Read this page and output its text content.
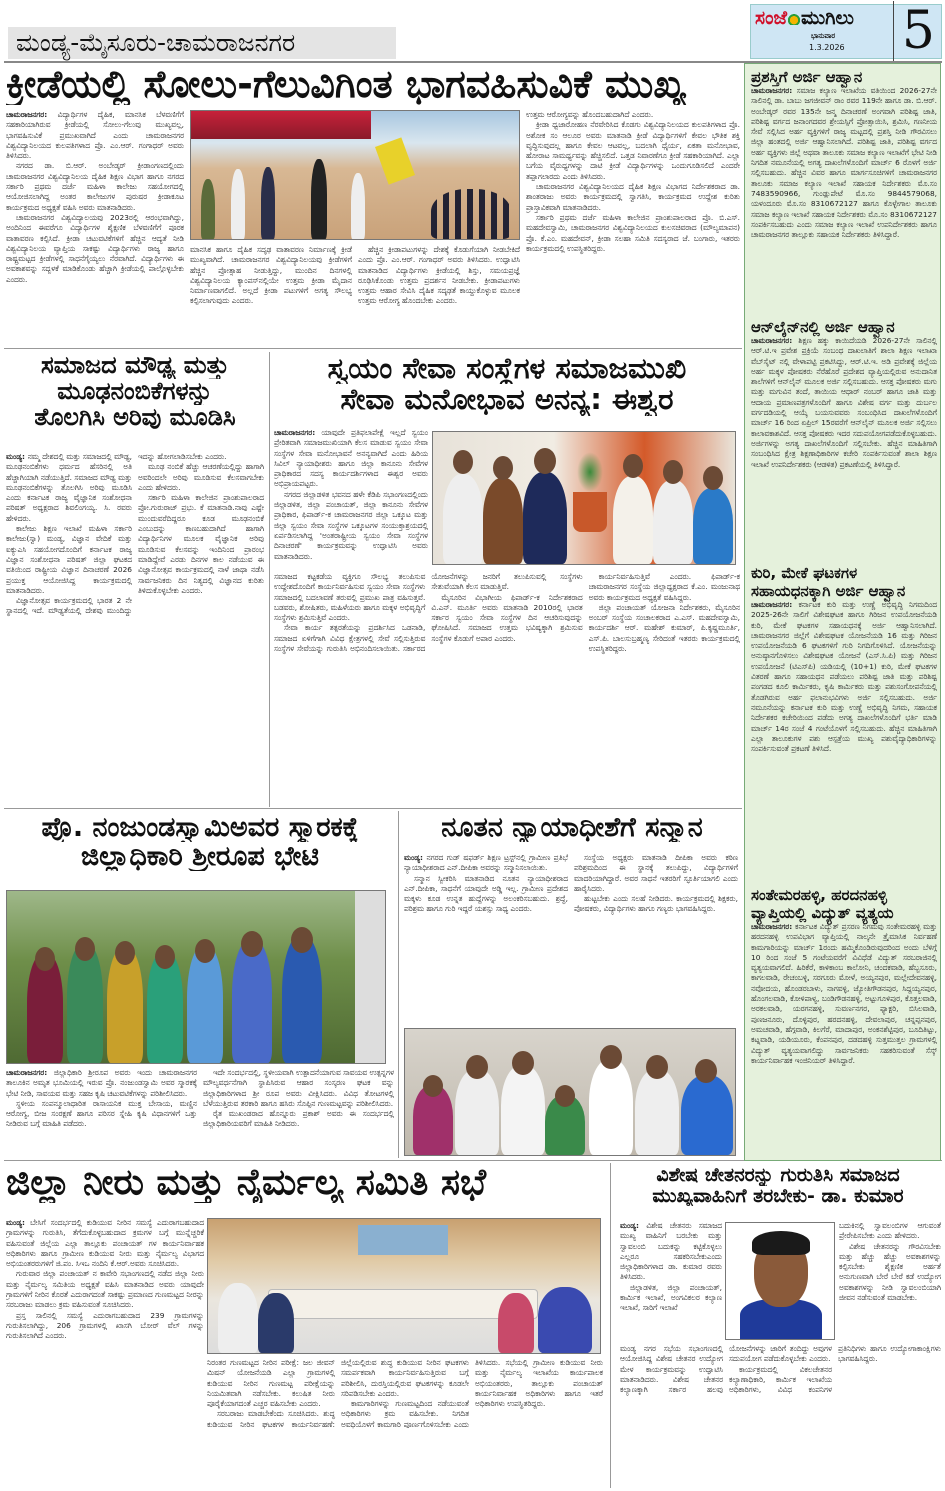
ಮಂಡ್ಯ-ಮೈಸೂರು-ಚಾಮರಾಜನಗರ
ಸಂಜೆ ಮುಗಿಲು
ಭಾನುವಾರ
1.3.2026 5
ಕ್ರೀಡೆಯಲ್ಲಿ ಸೋಲು-ಗೆಲುವಿಗಿಂತ ಭಾಗವಹಿಸುವಿಕೆ ಮುಖ್ಯ

ಚಾಮರಾಜನಗರ: ವಿದ್ಯಾರ್ಥಿಗಳ ದೈಹಿಕ, ಮಾನಸಿಕ ಬೆಳವಣಿಗೆಗೆ ಸಹಕಾರಿಯಾಗಿರುವ ಕ್ರೀಡೆಯಲ್ಲಿ ಸೋಲು-ಗೆಲುವು ಮುಖ್ಯವಲ್ಲ, ಭಾಗವಹಿಸುವಿಕೆ ಪ್ರಮುಖವಾಗಿದೆ ಎಂದು ಚಾಮರಾಜನಗರ ವಿಶ್ವವಿದ್ಯಾನಿಲಯದ ಕುಲಪತಿಗಳಾದ ಪ್ರೊ. ಎಂ.ಆರ್. ಗಂಗಾಧರ್ ಅವರು ತಿಳಿಸಿದರು.

ನಗರದ ಡಾ. ಬಿ.ಆರ್. ಅಂಬೇಡ್ಕರ್ ಕ್ರೀಡಾಂಗಣದಲ್ಲಿಂದು ಚಾಮರಾಜನಗರ ವಿಶ್ವವಿದ್ಯಾನಿಲಯ ದೈಹಿಕ ಶಿಕ್ಷಣ ವಿಭಾಗ ಹಾಗೂ ನಗರದ ಸರ್ಕಾರಿ ಪ್ರಥಮ ದರ್ಜೆ ಮಹಿಳಾ ಕಾಲೇಜು ಸಹಯೋಗದಲ್ಲಿ ಆಯೋಜಿಸಲಾಗಿದ್ದ ಅಂತರ ಕಾಲೇಜುಗಳ ಪುರುಷರ ಕ್ರೀಡಾಕೂಟ ಕಾರ್ಯಕ್ರಮದ ಅಧ್ಯಕ್ಷತೆ ವಹಿಸಿ ಅವರು ಮಾತನಾಡಿದರು.

ಚಾಮರಾಜನಗರ ವಿಶ್ವವಿದ್ಯಾಲಯವು 2023ರಲ್ಲಿ ಆರಂಭವಾಗಿದ್ದು, ಅಂದಿನಿಂದ ಈವರೆಗೂ ವಿದ್ಯಾರ್ಥಿಗಳ ಶೈಕ್ಷಣಿಕ ಬೆಳವಣಿಗೆಗೆ ಪೂರಕ ವಾತಾವರಣ ಕಲ್ಪಿಸಿದೆ. ಕ್ರೀಡಾ ಚಟುವಟಿಕೆಗಳಿಗೆ ಹೆಚ್ಚಿನ ಆದ್ಯತೆ ನೀಡಿ ವಿಶ್ವವಿದ್ಯಾನಿಲಯ ವ್ಯಾಪ್ತಿಯ ಸಾಕಷ್ಟು ವಿದ್ಯಾರ್ಥಿಗಳು ರಾಜ್ಯ ಹಾಗೂ ರಾಷ್ಟ್ರಮಟ್ಟದ ಕ್ರೀಡೆಗಳಲ್ಲಿ ಸಾಧನೆಗೈಯ್ಯಲು ನೆರವಾಗಿದೆ. ವಿದ್ಯಾರ್ಥಿಗಳು ಈ ಅವಕಾಶವನ್ನು ಸದ್ಬಳಕೆ ಮಾಡಿಕೊಂಡು ಹೆಚ್ಚಾಗಿ ಕ್ರೀಡೆಯಲ್ಲಿ ಪಾಲ್ಗೊಳ್ಳಬೇಕು ಎಂದರು.

ಮಾನಸಿಕ ಹಾಗೂ ದೈಹಿಕ ಸದೃಢ ವಾತಾವರಣ ನಿರ್ಮಾಣಕ್ಕೆ ಕ್ರೀಡೆ ಮುಖ್ಯವಾಗಿದೆ. ಚಾಮರಾಜನಗರ ವಿಶ್ವವಿದ್ಯಾನಿಲಯವು ಕ್ರೀಡೆಗಳಿಗೆ ಹೆಚ್ಚಿನ ಪ್ರೋತ್ಸಾಹ ನೀಡುತ್ತಿದ್ದು, ಮುಂದಿನ ದಿನಗಳಲ್ಲಿ ವಿಶ್ವವಿದ್ಯಾನಿಲಯ ಕ್ಯಾಂಪಸ್‌ನಲ್ಲಿಯೇ ಉತ್ತಮ ಕ್ರೀಡಾ ಮೈದಾನ ನಿರ್ಮಾಣವಾಗಲಿದೆ. ಅಲ್ಲದೆ ಕ್ರೀಡಾ ಪಟುಗಳಿಗೆ ಅಗತ್ಯ ಸೌಲಭ್ಯ ಕಲ್ಪಿಸಲಾಗುವುದು ಎಂದರು.

ಹೆಚ್ಚಿನ ಕ್ರೀಡಾಪಟುಗಳನ್ನು ದೇಶಕ್ಕೆ ಕೊಡುಗೆಯಾಗಿ ನೀಡಬೇಕಿದೆ ಎಂದು ಪ್ರೊ. ಎಂ.ಆರ್. ಗಂಗಾಧರ್ ಅವರು ತಿಳಿಸಿದರು. ಉದ್ಘಾಟಿಸಿ ಮಾತನಾಡಿದ ವಿದ್ಯಾರ್ಥಿಗಳು ಕ್ರೀಡೆಯಲ್ಲಿ ಶಿಸ್ತು, ಸಮಯಪ್ರಜ್ಞೆ ರೂಢಿಸಿಕೊಂಡು ಉತ್ತಮ ಪ್ರದರ್ಶನ ನೀಡಬೇಕು. ಕ್ರೀಡಾಪಟುಗಳು ಉತ್ತಮ ಆಹಾರ ಸೇವಿಸಿ ದೈಹಿಕ ಸದೃಢತೆ ಕಾಯ್ದುಕೊಳ್ಳುವ ಮೂಲಕ ಉತ್ತಮ ಆರೋಗ್ಯ ಹೊಂದಬೇಕು ಎಂದರು.

ಉತ್ತಮ ಆರೋಗ್ಯವನ್ನು ಹೊಂದಬಹುದಾಗಿದೆ ಎಂದರು.

ಕ್ರೀಡಾ ಧ್ವಜಾರೋಹಣ ನೆರವೇರಿಸಿದ ಕೊಡಗು ವಿಶ್ವವಿದ್ಯಾನಿಲಯದ ಕುಲಪತಿಗಳಾದ ಪ್ರೊ. ಅಶೋಕ ಸಂ ಆಲೂರ ಅವರು ಮಾತನಾಡಿ ಕ್ರೀಡೆ ವಿದ್ಯಾರ್ಥಿಗಳಿಗೆ ಕೇವಲ ಭೌತಿಕ ಶಕ್ತಿ ವೃದ್ಧಿಸುವುದಲ್ಲ ಹಾಗೂ ಕೇವಲ ಆಟವಲ್ಲ, ಬದಲಾಗಿ ಧೈರ್ಯ, ಏಕತಾ ಮನೋಭಾವ, ಹೋರಾಟ ಸಾಮರ್ಥ್ಯವನ್ನು ಹೆಚ್ಚಿಸಲಿದೆ. ಒತ್ತಡ ನಿವಾರಣೆಗೂ ಕ್ರೀಡೆ ಸಹಕಾರಿಯಾಗಿದೆ. ಎಲ್ಲಾ ಬಗೆಯ ವೈರುಧ್ಯಗಳನ್ನು ದಾಟಿ ಕ್ರೀಡೆ ವಿದ್ಯಾರ್ಥಿಗಳನ್ನು ಒಂದುಗೂಡಿಸಲಿದೆ ಎಂದರೇ ತಪ್ಪಾಗಲಾರದು ಎಂದು ತಿಳಿಸಿದರು.

ಚಾಮರಾಜನಗರ ವಿಶ್ವವಿದ್ಯಾನಿಲಯದ ದೈಹಿಕ ಶಿಕ್ಷಣ ವಿಭಾಗದ ನಿರ್ದೇಶಕರಾದ ಡಾ. ಶಾಂತರಾಜು ಅವರು ಕಾರ್ಯಕ್ರಮದಲ್ಲಿ ಸ್ವಾಗತಿಸಿ, ಕಾರ್ಯಕ್ರಮದ ಉದ್ದೇಶ ಕುರಿತು ಪ್ರಾಸ್ತಾವಿಕವಾಗಿ ಮಾತನಾಡಿದರು.

ಸರ್ಕಾರಿ ಪ್ರಥಮ ದರ್ಜೆ ಮಹಿಳಾ ಕಾಲೇಜಿನ ಪ್ರಾಂಶುಪಾಲರಾದ ಪ್ರೊ. ಬಿ.ಎಸ್. ಮಹದೇವಸ್ವಾಮಿ, ಚಾಮರಾಜನಗರ ವಿಶ್ವವಿದ್ಯಾನಿಲಯದ ಕುಲಸಚಿವರಾದ (ಮೌಲ್ಯಮಾಪನ) ಪ್ರೊ. ಕೆ.ಎಂ. ಮಹದೇವನ್, ಕ್ರೀಡಾ ಸಲಹಾ ಸಮಿತಿ ಸದಸ್ಯರಾದ ಜೆ. ಬಂಗಾರು, ಇತರರು ಕಾರ್ಯಕ್ರಮದಲ್ಲಿ ಉಪಸ್ಥಿತರಿದ್ದರು.

ಸಮಾಜದ ಮೌಢ್ಯ ಮತ್ತು
ಮೂಢನಂಬಿಕೆಗಳನ್ನು
ತೊಲಗಿಸಿ ಅರಿವು ಮೂಡಿಸಿ

ಮಂಡ್ಯ: ನಮ್ಮ ದೇಶದಲ್ಲಿ ಮತ್ತು ಸಮಾಜದಲ್ಲಿ ಮೌಢ್ಯ, ಮೂಢನಂಬಿಕೆಗಳು ಧರ್ಮದ ಹೆಸರಿನಲ್ಲಿ ಅತಿ ಹೆಚ್ಚಾಗಿಯಾಗಿ ನಡೆಯುತ್ತಿದೆ. ಸಮಾಜದ ಮೌಢ್ಯ ಮತ್ತು ಮೂಢನಂಬಿಕೆಗಳನ್ನು ತೊಲಗಿಸಿ ಅರಿವು ಮೂಡಿಸಿ ಎಂದು ಕರ್ನಾಟಕ ರಾಜ್ಯ ವೈಜ್ಞಾನಿಕ ಸಂಶೋಧನಾ ಪರಿಷತ್ ಅಧ್ಯಕ್ಷರಾದ ಶಿವಲಿಂಗಯ್ಯ. ಸಿ. ರವರು ಹೇಳಿದರು.

ಕಾಲೇಜು ಶಿಕ್ಷಣ ಇಲಾಖೆ ಮಹಿಳಾ ಸರ್ಕಾರಿ ಕಾಲೇಜು(ಸ್ವಾ) ಮಂಡ್ಯ, ವಿಜ್ಞಾನ ವೇದಿಕೆ ಮತ್ತು ಐಕ್ಯುಎಸಿ ಸಹಯೋಗದೊಂದಿಗೆ ಕರ್ನಾಟಕ ರಾಜ್ಯ ವಿಜ್ಞಾನ ಸಂಶೋಧನಾ ಪರಿಷತ್ ಜಿಲ್ಲಾ ಘಟಕದ ವತಿಯಿಂದ ರಾಷ್ಟ್ರೀಯ ವಿಜ್ಞಾನ ದಿನಾಚರಣೆ 2026 ಪ್ರಯುಕ್ತ ಆಯೋಜಿಸಿದ್ದ ಕಾರ್ಯಕ್ರಮದಲ್ಲಿ ಮಾತನಾಡಿದರು.

ವಿಜ್ಞಾನೋತ್ಸವ ಕಾರ್ಯಕ್ರಮದಲ್ಲಿ ಭಾರತ 2 ನೇ ಸ್ಥಾನದಲ್ಲಿ ಇದೆ. ಮೌಢ್ಯತೆಯಲ್ಲಿ ದೇಶವು ಮುಂದಿದ್ದು ಇದನ್ನು ಹೋಗಲಾಡಿಸಬೇಕು ಎಂದರು.

ಮೂಢ ನಂಬಿಕೆ ಹೆಚ್ಚು ಆಚರಣೆಯಲ್ಲಿದ್ದು ಹಾಗಾಗಿ ಅವರಿಂದಲೇ ಅರಿವು ಮೂಡಿಸುವ ಕೆಲಸವಾಗಬೇಕು ಎಂದು ಹೇಳಿದರು.

ಸರ್ಕಾರಿ ಮಹಿಳಾ ಕಾಲೇಜಿನ ಪ್ರಾಂಶುಪಾಲರಾದ ಪ್ರೋ.ಗುರುರಾಜ್ ಪ್ರಭು. ಕೆ ಮಾತನಾಡಿ.ನಾವು ಎಷ್ಟೇ ಮುಂದುವರೆದಿದ್ದರೂ ಕೂಡ ಮೂಢನಂಬಿಕೆ ಎಂಬುದನ್ನು ಕಾಣಬಹುದಾಗಿದೆ ಹಾಗಾಗಿ ವಿದ್ಯಾರ್ಥಿನಿಗಳ ಮೂಲಕ ವೈಜ್ಞಾನಿಕ ಅರಿವು ಮೂಡಿಸುವ ಕೆಲಸವನ್ನು ಇಂದಿನಿಂದ ಪ್ರಾರಂಭ ಮಾಡಿದ್ದೇವೆ ಎರಡು ದಿನಗಳ ಕಾಲ ನಡೆಯುವ ಈ ವಿಜ್ಞಾನೋತ್ಸವ ಕಾರ್ಯಕ್ರಮದಲ್ಲಿ ನಾಳೆ ಜಾಥಾ ನಡೆಸಿ ಸಾರ್ವಜನಿಕರು ದಿನ ನಿತ್ಯದಲ್ಲಿ ವಿಜ್ಞಾನದ ಕುರಿತು ತಿಳಿದುಕೊಳ್ಳಬೇಕು ಎಂದರು.

ಸ್ವಯಂ ಸೇವಾ ಸಂಸ್ಥೆಗಳ ಸಮಾಜಮುಖಿ
ಸೇವಾ ಮನೋಭಾವ ಅನನ್ಯ: ಈಶ್ವರ

ಚಾಮರಾಜನಗರ: ಯಾವುದೇ ಪ್ರತಿಫಲಾಪೇಕ್ಷೆ ಇಲ್ಲದೆ ಸ್ವಯಂ ಪ್ರೇರಿತವಾಗಿ ಸಮಾಜಮುಖಿಯಾಗಿ ಕೆಲಸ ಮಾಡುವ ಸ್ವಯಂ ಸೇವಾ ಸಂಸ್ಥೆಗಳ ಸೇವಾ ಮನೋಭಾವನೆ ಅನನ್ಯವಾಗಿದೆ ಎಂದು ಹಿರಿಯ ಸಿವಿಲ್ ನ್ಯಾಯಾಧೀಶರು ಹಾಗೂ ಜಿಲ್ಲಾ ಕಾನೂನು ಸೇವೆಗಳ ಪ್ರಾಧಿಕಾರದ ಸದಸ್ಯ ಕಾರ್ಯದರ್ಶಿಗಳಾದ ಈಶ್ವರ ಅವರು ಅಭಿಪ್ರಾಯಪಟ್ಟರು.

ನಗರದ ಜಿಲ್ಲಾಡಳಿತ ಭವನದ ಹಳೇ ಕೆಡಿಪಿ ಸಭಾಂಗಣದಲ್ಲಿಂದು ಜಿಲ್ಲಾಡಳಿತ, ಜಿಲ್ಲಾ ಪಂಚಾಯತ್, ಜಿಲ್ಲಾ ಕಾನೂನು ಸೇವೆಗಳ ಪ್ರಾಧಿಕಾರ, ಫಿಪಾರ್ಡ್-ಕ ಚಾಮರಾಜನಗರ ಜಿಲ್ಲಾ ಒಕ್ಕೂಟ ಮತ್ತು ಜಿಲ್ಲಾ ಸ್ವಯಂ ಸೇವಾ ಸಂಸ್ಥೆಗಳ ಒಕ್ಕೂಟಗಳ ಸಂಯುಕ್ತಾಶ್ರಯದಲ್ಲಿ ಏರ್ಪಡಿಸಲಾಗಿದ್ದ 'ಅಂತರಾಷ್ಟ್ರೀಯ ಸ್ವಯಂ ಸೇವಾ ಸಂಸ್ಥೆಗಳ ದಿನಾಚರಣೆ' ಕಾರ್ಯಕ್ರಮವನ್ನು ಉದ್ಘಾಟಿಸಿ ಅವರು ಮಾತನಾಡಿದರು.

ಸಮಾಜದ ಕಟ್ಟಕಡೆಯ ವ್ಯಕ್ತಿಗೂ ಸೌಲಭ್ಯ ತಲುಪಿಸುವ ಉದ್ದೇಶದೊಂದಿಗೆ ಕಾರ್ಯನಿರ್ವಹಿಸುವ ಸ್ವಯಂ ಸೇವಾ ಸಂಸ್ಥೆಗಳು ಸಮಾಜದಲ್ಲಿ ಬದಲಾವಣೆ ತರುವಲ್ಲಿ ಪ್ರಮುಖ ಪಾತ್ರ ವಹಿಸುತ್ತವೆ. ಬಡವರು, ಶೋಷಿತರು, ಮಹಿಳೆಯರು ಹಾಗೂ ಮಕ್ಕಳ ಅಭಿವೃದ್ಧಿಗೆ ಸಂಸ್ಥೆಗಳು ಶ್ರಮಿಸುತ್ತಿವೆ ಎಂದರು.

ಸೇವಾ ಕಾರ್ಯ ತತ್ಪರತೆಯನ್ನು ಪ್ರದರ್ಶಿಸಿದ ಒಡನಾಡಿ, ಸಮಾಜದ ಏಳಿಗೆಗಾಗಿ ವಿವಿಧ ಕ್ಷೇತ್ರಗಳಲ್ಲಿ ಸೇವೆ ಸಲ್ಲಿಸುತ್ತಿರುವ ಸಂಸ್ಥೆಗಳ ಸೇವೆಯನ್ನು ಗುರುತಿಸಿ ಅಭಿನಂದಿಸಲಾಯಿತು. ಸರ್ಕಾರದ ಯೋಜನೆಗಳನ್ನು ಜನರಿಗೆ ತಲುಪಿಸುವಲ್ಲಿ ಸಂಸ್ಥೆಗಳು ಸೇತುವೆಯಾಗಿ ಕೆಲಸ ಮಾಡುತ್ತಿವೆ.

ಮೈಸೂರಿನ ವಿಭಾಗೀಯ ಫಿಪಾರ್ಡ್-ಕ ನಿರ್ದೇಶಕರಾದ ವಿ.ಎನ್. ಮೂರ್ತಿ ಅವರು ಮಾತನಾಡಿ 2010ರಲ್ಲಿ ಭಾರತ ಸರ್ಕಾರ ಸ್ವಯಂ ಸೇವಾ ಸಂಸ್ಥೆಗಳ ದಿನ ಆಚರಿಸುವುದನ್ನು ಘೋಷಿಸಿದೆ. ಸಮಾಜದ ಉತ್ತಮ ಭವಿಷ್ಯಕ್ಕಾಗಿ ಶ್ರಮಿಸುವ ಸಂಸ್ಥೆಗಳ ಕೊಡುಗೆ ಅಪಾರ ಎಂದರು.

ಕಾರ್ಯನಿರ್ವಹಿಸುತ್ತಿವೆ ಎಂದರು. ಫಿಪಾರ್ಡ್-ಕ ಚಾಮರಾಜನಗರ ಸಂಸ್ಥೆಯ ಜಿಲ್ಲಾಧ್ಯಕ್ಷರಾದ ಕೆ.ಎಂ. ಮಂಜುನಾಥ ಅವರು ಕಾರ್ಯಕ್ರಮದ ಅಧ್ಯಕ್ಷತೆ ವಹಿಸಿದ್ದರು.

ಜಿಲ್ಲಾ ಪಂಚಾಯತ್ ಯೋಜನಾ ನಿರ್ದೇಶಕರು, ಮೈಸೂರಿನ ಅಂಬರ್ ಸಂಸ್ಥೆಯ ಸಂಚಾಲಕರಾದ ಎ.ಎಸ್. ಮಹದೇವಸ್ವಾಮಿ, ಕಾರ್ಯದರ್ಶಿ ಆರ್. ಮಹೇಶ್ ಕುಮಾರ್, ಪಿ.ಕೃಷ್ಣಮೂರ್ತಿ, ಎಸ್.ಪಿ. ಬಾಲಸುಬ್ರಹ್ಮಣ್ಯ ಸೇರಿದಂತೆ ಇತರರು ಕಾರ್ಯಕ್ರಮದಲ್ಲಿ ಉಪಸ್ಥಿತರಿದ್ದರು.

ಪ್ರೊ. ನಂಜುಂಡಸ್ವಾಮಿಅವರ ಸ್ಮಾರಕಕ್ಕೆ
ಜಿಲ್ಲಾಧಿಕಾರಿ ಶ್ರೀರೂಪ ಭೇಟಿ

ಚಾಮರಾಜನಗರ: ಜಿಲ್ಲಾಧಿಕಾರಿ ಶ್ರೀರೂಪ ಅವರು ಇಂದು ಚಾಮರಾಜನಗರ ತಾಲೂಕಿನ ಅಮೃತ ಭೂಮಿಯಲ್ಲಿ ಇರುವ ಪ್ರೊ. ನಂಜುಂಡಸ್ವಾಮಿ ಅವರ ಸ್ಮಾರಕಕ್ಕೆ ಭೇಟಿ ನೀಡಿ, ಸಾವಯವ ಮತ್ತು ಸಹಜ ಕೃಷಿ ಚಟುವಟಿಕೆಗಳನ್ನು ಪರಿಶೀಲಿಸಿದರು.

ಸ್ಥಳೀಯ ಸಂಪನ್ಮೂಲಾಧಾರಿತ ರಾಸಾಯನಿಕ ಮುಕ್ತ ಬೇಸಾಯ, ಮಣ್ಣಿನ ಆರೋಗ್ಯ, ಬೀಜ ಸಂರಕ್ಷಣೆ ಹಾಗೂ ಪರಿಸರ ಸ್ನೇಹಿ ಕೃಷಿ ವಿಧಾನಗಳಿಗೆ ಒತ್ತು ನೀಡಿರುವ ಬಗ್ಗೆ ಮಾಹಿತಿ ಪಡೆದರು.

ಇದೇ ಸಂದರ್ಭದಲ್ಲಿ, ಸ್ಥಳೀಯವಾಗಿ ಉತ್ಪಾದನೆಯಾಗುವ ಸಾವಯವ ಉತ್ಪನ್ನಗಳ ಮೌಲ್ಯವರ್ಧನೆಗಾಗಿ ಸ್ಥಾಪಿಸಿರುವ ಆಹಾರ ಸಂಸ್ಕರಣ ಘಟಕ ವನ್ನು ಜಿಲ್ಲಾಧಿಕಾರಿಗಳಾದ ಶ್ರೀ ರೂಪ ಅವರು ವೀಕ್ಷಿಸಿದರು. ವಿವಿಧ ತೋಟಗಳಲ್ಲಿ ಬೆಳೆಯುತ್ತಿರುವ ತರಕಾರಿ ಹಾಗೂ ಹಸಿರು ಸೊಪ್ಪಿನ ಗುಣಮಟ್ಟವನ್ನು ಪರಿಶೀಲಿಸಿದರು.

ರೈತ ಮುಖಂಡರಾದ ಹೊನ್ನೂರು ಪ್ರಕಾಶ್ ಅವರು ಈ ಸಂದರ್ಭದಲ್ಲಿ ಜಿಲ್ಲಾಧಿಕಾರಿಯವರಿಗೆ ಮಾಹಿತಿ ನೀಡಿದರು.

ನೂತನ ನ್ಯಾಯಾಧೀಶೆಗೆ ಸನ್ಮಾನ

ಮಂಡ್ಯ: ನಗರದ ಗುಡ್ ಷಫರ್ಡ್ ಶಿಕ್ಷಣ ಟ್ರಸ್ಟ್‌ನಲ್ಲಿ ಗ್ರಾಮೀಣ ಪ್ರತಿಭೆ ನ್ಯಾಯಾಧೀಶರಾದ ಎನ್.ದೀಪಿಕಾ ಅವರನ್ನು ಸನ್ಮಾನಿಸಲಾಯಿತು.

ಸನ್ಮಾನ ಸ್ವೀಕರಿಸಿ ಮಾತನಾಡಿದ ನೂತನ ನ್ಯಾಯಾಧೀಶರಾದ ಎನ್.ದೀಪಿಕಾ, ಸಾಧನೆಗೆ ಯಾವುದೇ ಅಡ್ಡಿ ಇಲ್ಲ. ಗ್ರಾಮೀಣ ಪ್ರದೇಶದ ಮಕ್ಕಳು ಕೂಡ ಉನ್ನತ ಹುದ್ದೆಗಳನ್ನು ಅಲಂಕರಿಸಬಹುದು. ಶ್ರದ್ಧೆ, ಪರಿಶ್ರಮ ಹಾಗೂ ಗುರಿ ಇದ್ದರೆ ಯಶಸ್ಸು ಸಾಧ್ಯ ಎಂದರು.

ಸಂಸ್ಥೆಯ ಅಧ್ಯಕ್ಷರು ಮಾತನಾಡಿ ದೀಪಿಕಾ ಅವರು ಕಠಿಣ ಪರಿಶ್ರಮದಿಂದ ಈ ಸ್ಥಾನಕ್ಕೆ ತಲುಪಿದ್ದು, ವಿದ್ಯಾರ್ಥಿಗಳಿಗೆ ಮಾದರಿಯಾಗಿದ್ದಾರೆ. ಅವರ ಸಾಧನೆ ಇತರರಿಗೆ ಸ್ಫೂರ್ತಿಯಾಗಲಿ ಎಂದು ಹಾರೈಸಿದರು.

ಹುಟ್ಟಬೇಕು ಎಂದು ಸಲಹೆ ನೀಡಿದರು. ಕಾರ್ಯಕ್ರಮದಲ್ಲಿ ಶಿಕ್ಷಕರು, ಪೋಷಕರು, ವಿದ್ಯಾರ್ಥಿಗಳು ಹಾಗೂ ಗಣ್ಯರು ಭಾಗವಹಿಸಿದ್ದರು.

ಪ್ರಶಸ್ತಿಗೆ ಅರ್ಜಿ ಆಹ್ವಾನ
ಚಾಮರಾಜನಗರ: ಸಮಾಜ ಕಲ್ಯಾಣ ಇಲಾಖೆಯ ವತಿಯಿಂದ 2026-27ನೇ ಸಾಲಿನಲ್ಲಿ ಡಾ. ಬಾಬು ಜಗಜೀವನ್ ರಾಂ ರವರ 119ನೇ ಹಾಗೂ ಡಾ. ಬಿ.ಆರ್. ಅಂಬೇಡ್ಕರ್ ರವರ 135ನೇ ಜನ್ಮ ದಿನಾಚರಣೆ ಅಂಗವಾಗಿ ಪರಿಶಿಷ್ಟ ಜಾತಿ, ಪರಿಶಿಷ್ಟ ವರ್ಗದ ಜನಾಂಗದವರ ಶ್ರೇಯಸ್ಸಿಗೆ ಪ್ರೋತ್ಸಾಯಿಸಿ, ಶ್ರಮಿಸಿ, ಗಣನೀಯ ಸೇವೆ ಸಲ್ಲಿಸಿದ ಅರ್ಹ ವ್ಯಕ್ತಿಗಳಿಗೆ ರಾಜ್ಯ ಮಟ್ಟದಲ್ಲಿ ಪ್ರಶಸ್ತಿ ನೀಡಿ ಗೌರವಿಸಲು ಜಿಲ್ಲಾ ಹಂತದಲ್ಲಿ ಅರ್ಜಿ ಆಹ್ವಾನಿಸಲಾಗಿದೆ. ಪರಿಶಿಷ್ಟ ಜಾತಿ, ಪರಿಶಿಷ್ಟ ವರ್ಗದ ಅರ್ಹ ವ್ಯಕ್ತಿಗಳು ಜಿಲ್ಲೆ ಅಥವಾ ತಾಲೂಕು ಸಮಾಜ ಕಲ್ಯಾಣ ಇಲಾಖೆಗೆ ಭೇಟಿ ನೀಡಿ ನಿಗದಿತ ನಮೂನೆಯಲ್ಲಿ ಅಗತ್ಯ ದಾಖಲೆಗಳೊಂದಿಗೆ ಮಾರ್ಚ್ 6 ರೊಳಗೆ ಅರ್ಜಿ ಸಲ್ಲಿಸಬಹುದು. ಹೆಚ್ಚಿನ ವಿವರ ಹಾಗೂ ಮಾರ್ಗಸೂಚಿಗಳಿಗೆ ಚಾಮರಾಜನಗರ ತಾಲೂಕು ಸಮಾಜ ಕಲ್ಯಾಣ ಇಲಾಖೆ ಸಹಾಯಕ ನಿರ್ದೇಶಕರು ಮೊ.ಸಂ 7483590966, ಗುಂಡ್ಲುಪೇಟೆ ಮೊ.ಸಂ 9844579068, ಯಳಂದೂರು ಮೊ.ಸಂ 8310672127 ಹಾಗೂ ಕೊಳ್ಳೇಗಾಲ ತಾಲೂಕು ಸಮಾಜ ಕಲ್ಯಾಣ ಇಲಾಖೆ ಸಹಾಯಕ ನಿರ್ದೇಶಕರು ಮೊ.ಸಂ 8310672127 ಸಂಪರ್ಕಿಸಬಹುದು ಎಂದು ಸಮಾಜ ಕಲ್ಯಾಣ ಇಲಾಖೆ ಉಪನಿರ್ದೇಶಕರು ಹಾಗೂ ಚಾಮರಾಜನಗರ ತಾಲ್ಲೂಕು ಸಹಾಯಕ ನಿರ್ದೇಶಕರು ತಿಳಿಸಿದ್ದಾರೆ.
ಆನ್‌ಲೈನ್‌ನಲ್ಲಿ ಅರ್ಜಿ ಆಹ್ವಾನ
ಚಾಮರಾಜನಗರ: ಶಿಕ್ಷಣ ಹಕ್ಕು ಕಾಯಿದೆಯಡಿ 2026-27ನೇ ಸಾಲಿನಲ್ಲಿ ಆರ್.ಟಿ.ಇ ಪ್ರವೇಶ ಪ್ರಕ್ರಿಯೆ ಸಂಬಂಧ ದಾಖಲಾತಿಗೆ ಶಾಲಾ ಶಿಕ್ಷಣ ಇಲಾಖಾ ವೆಬ್‌ಸೈಟ್ ನಲ್ಲಿ ವೇಳಾಪಟ್ಟಿ ಪ್ರಕಟಿಸಿದ್ದು, ಆರ್.ಟಿ.ಇ. ಅಡಿ ಪ್ರವೇಶಕ್ಕೆ ಜಿಲ್ಲೆಯ ಅರ್ಹ ಮಕ್ಕಳ ಪೋಷಕರು ನೆರೆಹೊರೆ ಪ್ರದೇಶದ ವ್ಯಾಪ್ತಿಯಲ್ಲಿರುವ ಅನುದಾನಿತ ಶಾಲೆಗಳಿಗೆ ಆನ್‌ಲೈನ್ ಮೂಲಕ ಅರ್ಜಿ ಸಲ್ಲಿಸಬಹುದು. ಆಸಕ್ತ ಪೋಷಕರು ಮಗು ಮತ್ತು ಮಗುವಿನ ತಂದೆ, ತಾಯಿಯ ಆಧಾರ್ ನಂಬರ್ ಹಾಗೂ ಜಾತಿ ಮತ್ತು ಆದಾಯ ಪ್ರಮಾಣಪತ್ರಗಳೊಂದಿಗೆ ಹಾಗೂ ವಿಶೇಷ ವರ್ಗ ಮತ್ತು ದುರ್ಬಲ ವರ್ಗದಡಿಯಲ್ಲಿ ಆಯ್ಕೆ ಬಯಸುವವರು ಸಂಬಂಧಿಸಿದ ದಾಖಲೆಗಳೊಂದಿಗೆ ಮಾರ್ಚ್ 16 ರಿಂದ ಏಪ್ರಿಲ್ 15ರವರೆಗೆ ಆನ್‌ಲೈನ್ ಮೂಲಕ ಅರ್ಜಿ ಸಲ್ಲಿಸಲು ಕಾಲಾವಕಾಶವಿದೆ. ಆಸಕ್ತ ಪೋಷಕರು ಇದರ ಸದುಪಯೋಗಪಡೆದುಕೊಳ್ಳಬಹುದು. ಅರ್ಜಿಗಳನ್ನು ಅಗತ್ಯ ದಾಖಲೆಗಳೊಂದಿಗೆ ಸಲ್ಲಿಸಬೇಕು. ಹೆಚ್ಚಿನ ಮಾಹಿತಿಗಾಗಿ ಸಂಬಂಧಿಸಿದ ಕ್ಷೇತ್ರ ಶಿಕ್ಷಣಾಧಿಕಾರಿಗಳ ಕಚೇರಿ ಸಂಪರ್ಕಿಸುವಂತೆ ಶಾಲಾ ಶಿಕ್ಷಣ ಇಲಾಖೆ ಉಪನಿರ್ದೇಶಕರು (ಆಡಳಿತ) ಪ್ರಕಟಣೆಯಲ್ಲಿ ತಿಳಿಸಿದ್ದಾರೆ.
ಕುರಿ, ಮೇಕೆ ಘಟಕಗಳ ಸಹಾಯಧನಕ್ಕಾಗಿ ಅರ್ಜಿ ಆಹ್ವಾನ
ಚಾಮರಾಜನಗರ: ಕರ್ನಾಟಕ ಕುರಿ ಮತ್ತು ಉಣ್ಣೆ ಅಭಿವೃದ್ಧಿ ನಿಗಮದಿಂದ 2025-26ನೇ ಸಾಲಿಗೆ ವಿಶೇಷಘಟಕ ಹಾಗೂ ಗಿರಿಜನ ಉಪಯೋಜನೆಯಡಿ ಕುರಿ, ಮೇಕೆ ಘಟಕಗಳ ಸಹಾಯಧನಕ್ಕೆ ಅರ್ಜಿ ಆಹ್ವಾನಿಸಲಾಗಿದೆ. ಚಾಮರಾಜನಗರ ಜಿಲ್ಲೆಗೆ ವಿಶೇಷಘಟಕ ಯೋಜನೆಯಡಿ 16 ಮತ್ತು ಗಿರಿಜನ ಉಪಯೋಜನೆಯಡಿ 6 ಘಟಕಗಳಿಗೆ ಗುರಿ ನಿಗದಿಗೊಳಿಸಿದೆ. ಯೋಜನೆಯನ್ನು ಅನುಷ್ಠಾನಗೊಳಿಸಲು ವಿಶೇಷಘಟಕ ಯೋಜನೆ (ಎಸ್.ಸಿ.ಪಿ) ಮತ್ತು ಗಿರಿಜನ ಉಪಯೋಜನೆ (ಟಿಎಸ್‌ಪಿ) ಯಡಿಯಲ್ಲಿ (10+1) ಕುರಿ, ಮೇಕೆ ಘಟಕಗಳ ವಿತರಣೆ ಹಾಗೂ ಸಹಾಯಧನ ಪಡೆಯಲು ಪರಿಶಿಷ್ಟ ಜಾತಿ ಮತ್ತು ಪರಿಶಿಷ್ಟ ಪಂಗಡದ ಕೂಲಿ ಕಾರ್ಮಿಕರು, ಕೃಷಿ ಕಾರ್ಮಿಕರು ಮತ್ತು ಪಶುಸಂಗೋಪನೆಯಲ್ಲಿ ತೊಡಗಿರುವ ಅರ್ಹ ಫಲಾನುಭವಿಗಳು ಅರ್ಜಿ ಸಲ್ಲಿಸಬಹುದು. ಅರ್ಜಿ ನಮೂನೆಯನ್ನು ಕರ್ನಾಟಕ ಕುರಿ ಮತ್ತು ಉಣ್ಣೆ ಅಭಿವೃದ್ಧಿ ನಿಗಮ, ಸಹಾಯಕ ನಿರ್ದೇಶಕರ ಕಚೇರಿಯಿಂದ ಪಡೆದು ಅಗತ್ಯ ದಾಖಲೆಗಳೊಂದಿಗೆ ಭರ್ತಿ ಮಾಡಿ ಮಾರ್ಚ್ 14ರ ಸಂಜೆ 4 ಗಂಟೆಯೊಳಗೆ ಸಲ್ಲಿಸಬಹುದು. ಹೆಚ್ಚಿನ ಮಾಹಿತಿಗಾಗಿ ಎಲ್ಲಾ ತಾಲೂಕುಗಳ ಪಶು ಆಸ್ಪತ್ರೆಯ ಮುಖ್ಯ ಪಶುವೈದ್ಯಾಧಿಕಾರಿಗಳನ್ನು ಸಂಪರ್ಕಿಸುವಂತೆ ಪ್ರಕಟಣೆ ತಿಳಿಸಿದೆ.
ಸಂತೇಮರಹಳ್ಳಿ, ಹರದನಹಳ್ಳಿ ವ್ಯಾಪ್ತಿಯಲ್ಲಿ ವಿದ್ಯುತ್ ವ್ಯತ್ಯಯ
ಚಾಮರಾಜನಗರ: ಕರ್ನಾಟಕ ವಿದ್ಯುತ್ ಪ್ರಸರಣ ನಿಗಮವು ಸಂತೇಮರಹಳ್ಳಿ ಮತ್ತು ಹರದನಹಳ್ಳಿ ಉಪವಿಭಾಗ ವ್ಯಾಪ್ತಿಯಲ್ಲಿ ನಾಲ್ಕನೇ ತ್ರೈಮಾಸಿಕ ನಿರ್ವಹಣೆ ಕಾಮಗಾರಿಯನ್ನು ಮಾರ್ಚ್ 1ರಂದು ಹಮ್ಮಿಕೊಂಡಿರುವುದರಿಂದ ಅಂದು ಬೆಳಿಗ್ಗೆ 10 ರಿಂದ ಸಂಜೆ 5 ಗಂಟೆಯವರೆಗೆ ವಿವಿಧೆಡೆ ವಿದ್ಯುತ್ ಸರಬರಾಜಿನಲ್ಲಿ ವ್ಯತ್ಯಯವಾಗಲಿದೆ. ಹಿರಿಕೆರೆ, ಕಾಳಿಕಾಂಬ ಕಾಲೋನಿ, ಚಂದಕವಾಡಿ, ಹೆಬ್ಬಸೂರು, ಕಾಗಲವಾಡಿ, ರೇಚಂಬಳ್ಳಿ, ಸರಗೂರು ಮೋಳೆ, ಅಯ್ಯನಪುರ, ಮಲ್ಲೇದೇವನಹಳ್ಳಿ, ನವೋದಯ, ಹೊಂಡರಬಾಳು, ನಾಗವಳ್ಳಿ, ಜ್ಯೋತಿಗೌಡನಪುರ, ಸಿದ್ದಯ್ಯನಪುರ, ಹೊಂಗಲವಾಡಿ, ಕೋಳಿಪಾಳ್ಯ, ಬಂಡಿಗೌಡನಹಳ್ಳಿ, ಅಟ್ಟುಗೂಳಿಪುರ, ಕೊತ್ತಲವಾಡಿ, ಅರಕಲವಾಡಿ, ಯರಗನಹಳ್ಳಿ, ಸುವರ್ಣನಗರ, ಫ್ಯಾಕ್ಟರಿ, ಬಿಸಿಲವಾಡಿ, ಪುಣಜನೂರು, ದೊಳ್ಳಿಪುರ, ಹರದನಹಳ್ಳಿ, ದೇವಲಾಪುರ, ಚನ್ನಪ್ಪನಪುರ, ಅಮಚವಾಡಿ, ಹೆಗ್ಗವಾಡಿ, ಕಿಲಗೆರೆ, ಮಾದಾಪುರ, ಅಂಕನಶೆಟ್ಟಿಪುರ, ಬೂದಿತಿಟ್ಟು, ಕಟ್ನವಾಡಿ, ಯಡಿಯೂರು, ಕೆಂಪನಪುರ, ದಡದಹಳ್ಳಿ ಸುತ್ತಮುತ್ತಲ ಗ್ರಾಮಗಳಲ್ಲಿ ವಿದ್ಯುತ್ ವ್ಯತ್ಯಯವಾಗಲಿದ್ದು ಸಾರ್ವಜನಿಕರು ಸಹಕರಿಸುವಂತೆ ಸೆಸ್ಕ್ ಕಾರ್ಯನಿರ್ವಾಹಕ ಇಂಜಿನಿಯರ್ ತಿಳಿಸಿದ್ದಾರೆ.
ಜಿಲ್ಲಾ ನೀರು ಮತ್ತು ನೈರ್ಮಲ್ಯ ಸಮಿತಿ ಸಭೆ

ಮಂಡ್ಯ: ಬೇಸಿಗೆ ಸಂದರ್ಭದಲ್ಲಿ ಕುಡಿಯುವ ನೀರಿನ ಸಮಸ್ಯೆ ಎದುರಾಗಬಹುದಾದ ಗ್ರಾಮಗಳನ್ನು ಗುರುತಿಸಿ, ತೆಗೆದುಕೊಳ್ಳಬಹುದಾದ ಕ್ರಮಗಳ ಬಗ್ಗೆ ಮುನ್ನೆಚ್ಚರಿಕೆ ವಹಿಸುವಂತೆ ಜಿಲ್ಲೆಯ ಎಲ್ಲಾ ತಾಲ್ಲೂಕು ಪಂಚಾಯತ್ ಗಳ ಕಾರ್ಯನಿರ್ವಾಹಕ ಅಧಿಕಾರಿಗಳು ಹಾಗೂ ಗ್ರಾಮೀಣ ಕುಡಿಯುವ ನೀರು ಮತ್ತು ನೈರ್ಮಲ್ಯ ವಿಭಾಗದ ಅಭಿಯಂತರರುಗಳಿಗೆ ಜಿ.ಪಂ. ಸಿಇಒ ನಂದಿನಿ ಕೆ.ಆರ್.ಅವರು ಸೂಚಿಸಿದರು.

ಗುರುವಾರ ಜಿಲ್ಲಾ ಪಂಚಾಯತ್ ನ ಕಾವೇರಿ ಸಭಾಂಗಣದಲ್ಲಿ ನಡೆದ ಜಿಲ್ಲಾ ನೀರು ಮತ್ತು ನೈರ್ಮಲ್ಯ ಸಮಿತಿಯ ಅಧ್ಯಕ್ಷತೆ ವಹಿಸಿ ಮಾತನಾಡಿದ ಅವರು ಯಾವುದೇ ಗ್ರಾಮಗಳಿಗೆ ನೀರಿನ ಕೊರತೆ ಎದುರಾಗದಂತೆ ಸಾಕಷ್ಟು ಪ್ರಮಾಣದ ಗುಣಮಟ್ಟದ ನೀರನ್ನು ಸರಬರಾಜು ಮಾಡಲು ಕ್ರಮ ವಹಿಸುವಂತೆ ಸೂಚಿಸಿದರು.

ಪ್ರಸ್ತ ಸಾಲಿನಲ್ಲಿ ಸಮಸ್ಯೆ ಎದುರಾಗಬಹುದಾದ 239 ಗ್ರಾಮಗಳನ್ನು ಗುರುತಿಸಲಾಗಿದ್ದು, 206 ಗ್ರಾಮಗಳಲ್ಲಿ ಖಾಸಗಿ ಬೋರ್ ವೆಲ್ ಗಳನ್ನು ಗುರುತಿಸಲಾಗಿದೆ ಎಂದರು.

ನಿರಂತರ ಗುಣಮಟ್ಟದ ನೀರಿನ ಪರೀಕ್ಷೆ: ಜಲ ಜೀವನ್ ಮಿಷನ್ ಯೋಜನೆಯಡಿ ಎಲ್ಲಾ ಗ್ರಾಮಗಳಲ್ಲಿ ಕುಡಿಯುವ ನೀರಿನ ಗುಣಮಟ್ಟ ಪರೀಕ್ಷೆಯನ್ನು ನಿಯಮಿತವಾಗಿ ನಡೆಸಬೇಕು. ಕಲುಷಿತ ನೀರು ಪೂರೈಕೆಯಾಗದಂತೆ ಎಚ್ಚರ ವಹಿಸಬೇಕು ಎಂದರು.

ಸರಬರಾಜು ಮಾಡಬೇಕೆಂದು ಸೂಚಿಸಿದರು. ಶುದ್ಧ ಕುಡಿಯುವ ನೀರಿನ ಘಟಕಗಳ ಕಾರ್ಯನಿರ್ವಹಣೆ: ಜಿಲ್ಲೆಯಲ್ಲಿರುವ ಶುದ್ಧ ಕುಡಿಯುವ ನೀರಿನ ಘಟಕಗಳು ಸಮರ್ಪಕವಾಗಿ ಕಾರ್ಯನಿರ್ವಹಿಸುತ್ತಿರುವ ಬಗ್ಗೆ ಪರಿಶೀಲಿಸಿ, ದುರಸ್ತಿಯಲ್ಲಿರುವ ಘಟಕಗಳನ್ನು ಕೂಡಲೇ ಸರಿಪಡಿಸಬೇಕು ಎಂದರು.

ಕಾಮಗಾರಿಗಳನ್ನು ಗುಣಮಟ್ಟದಿಂದ ನಡೆಯುವಂತೆ ಅಧಿಕಾರಿಗಳು ಕ್ರಮ ವಹಿಸಬೇಕು. ನಿಗದಿತ ಅವಧಿಯೊಳಗೆ ಕಾಮಗಾರಿ ಪೂರ್ಣಗೊಳಿಸಬೇಕು ಎಂದು ತಿಳಿಸಿದರು. ಸಭೆಯಲ್ಲಿ ಗ್ರಾಮೀಣ ಕುಡಿಯುವ ನೀರು ಮತ್ತು ನೈರ್ಮಲ್ಯ ಇಲಾಖೆಯ ಕಾರ್ಯಪಾಲಕ ಅಭಿಯಂತರರು, ತಾಲ್ಲೂಕು ಪಂಚಾಯತ್ ಕಾರ್ಯನಿರ್ವಾಹಕ ಅಧಿಕಾರಿಗಳು ಹಾಗೂ ಇತರೆ ಅಧಿಕಾರಿಗಳು ಉಪಸ್ಥಿತರಿದ್ದರು.

ವಿಶೇಷ ಚೇತನರನ್ನು ಗುರುತಿಸಿ ಸಮಾಜದ
ಮುಖ್ಯವಾಹಿನಿಗೆ ತರಬೇಕು- ಡಾ. ಕುಮಾರ

ಮಂಡ್ಯ: ವಿಶೇಷ ಚೇತನರು ಸಮಾಜದ ಮುಖ್ಯ ವಾಹಿನಿಗೆ ಬರಬೇಕು ಮತ್ತು ಸ್ವಾವಲಂಬಿ ಬದುಕನ್ನು ಕಟ್ಟಿಕೊಳ್ಳಲು ಎಲ್ಲರೂ ಸಹಕರಿಸಬೇಕುಎಂದು ಜಿಲ್ಲಾಧಿಕಾರಿಗಳಾದ ಡಾ. ಕುಮಾರ ರವರು ತಿಳಿಸಿದರು.

ಜಿಲ್ಲಾಡಳಿತ, ಜಿಲ್ಲಾ ಪಂಚಾಯತ್, ಕಾರ್ಮಿಕ ಇಲಾಖೆ, ಅಂಗವಿಕಲರ ಕಲ್ಯಾಣ ಇಲಾಖೆ, ಸಾರಿಗೆ ಇಲಾಖೆ

ಬದುಕಿನಲ್ಲಿ ಸ್ವಾವಲಂಬಿಗಳ ಆಗುವಂತೆ ಪ್ರೇರೇಪಿಸಬೇಕು ಎಂದು ಹೇಳಿದರು.

ವಿಶೇಷ ಚೇತನರನ್ನು ಗೌರವಿಸಬೇಕು ಮತ್ತು ಹೆಚ್ಚು ಹೆಚ್ಚು ಅವಕಾಶಗಳನ್ನು ಕಲ್ಪಿಸಬೇಕು ಶೈಕ್ಷಣಿಕ ಅರ್ಹತೆ ಅನುಗುಣವಾಗಿ ಬೇರೆ ಬೇರೆ ಕಡೆ ಉದ್ಯೋಗ ಅವಕಾಶಗಳನ್ನು ನೀಡಿ ಸ್ವಾವಲಂಬಿಯಾಗಿ ಜೀವನ ನಡೆಸುವಂತೆ ಮಾಡಬೇಕು.

ಮಂಡ್ಯ ನಗರ ಸಭೆಯ ಸಭಾಂಗಣದಲ್ಲಿ ಆಯೋಜಿಸಿದ್ದ ವಿಶೇಷ ಚೇತನರ ಉದ್ಯೋಗ ಮೇಳ ಕಾರ್ಯಕ್ರಮವನ್ನು ಉದ್ಘಾಟಿಸಿ ಮಾತನಾಡಿದರು. ವಿಶೇಷ ಚೇತನರ ಕಲ್ಯಾಣಕ್ಕಾಗಿ ಸರ್ಕಾರ ಹಲವು ಯೋಜನೆಗಳನ್ನು ಜಾರಿಗೆ ತಂದಿದ್ದು ಅವುಗಳ ಸದುಪಯೋಗ ಪಡೆದುಕೊಳ್ಳಬೇಕು ಎಂದರು.

ಕಾರ್ಯಕ್ರಮದಲ್ಲಿ ವಿಕಲಚೇತನರ ಕಲ್ಯಾಣಾಧಿಕಾರಿ, ಕಾರ್ಮಿಕ ಇಲಾಖೆಯ ಅಧಿಕಾರಿಗಳು, ವಿವಿಧ ಕಂಪನಿಗಳ ಪ್ರತಿನಿಧಿಗಳು ಹಾಗೂ ಉದ್ಯೋಗಾಕಾಂಕ್ಷಿಗಳು ಭಾಗವಹಿಸಿದ್ದರು.
